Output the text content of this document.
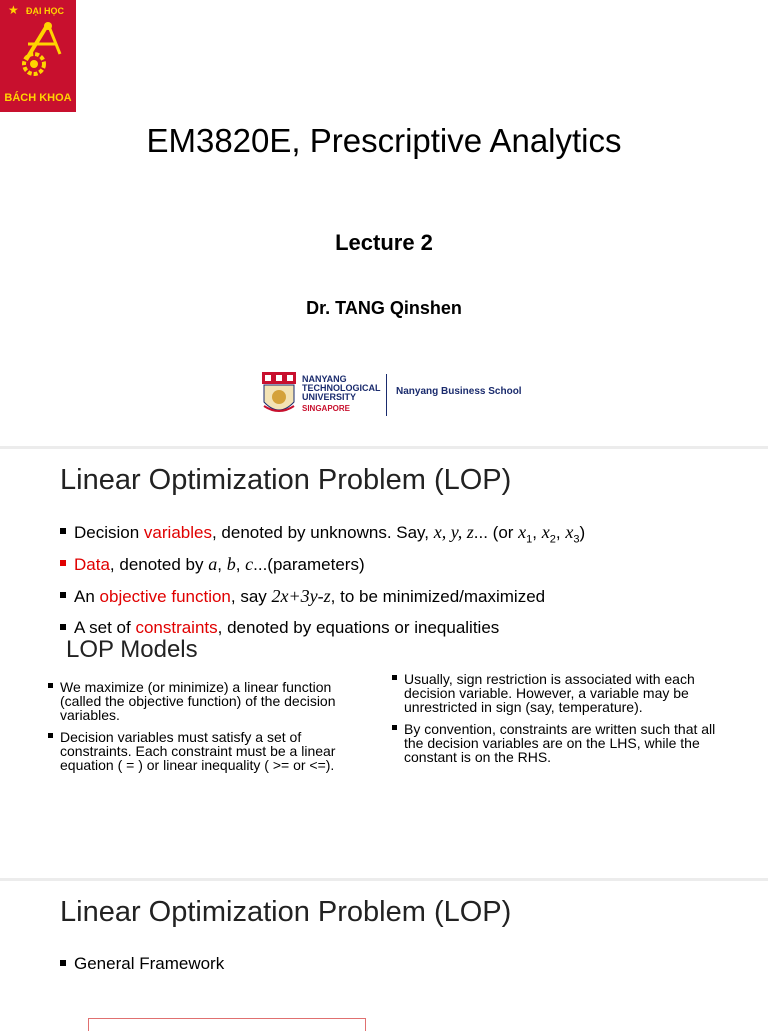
★ ĐẠI HỌC
BÁCH KHOA
EM3820E, Prescriptive Analytics
Lecture 2
Dr. TANG Qinshen
NANYANG
TECHNOLOGICAL
UNIVERSITY
SINGAPORE
Nanyang Business School
Linear Optimization Problem (LOP)
Decision variables, denoted by unknowns. Say, x, y, z... (or $x_1$, $x_2$, $x_3$)
Data, denoted by a, b, c...(parameters)
An objective function, say 2x+3y-z, to be minimized/maximized
A set of constraints, denoted by equations or inequalities
LOP Models

We maximize (or minimize) a linear function (called the objective function) of the decision variables.

Decision variables must satisfy a set of constraints. Each constraint must be a linear equation ( = ) or linear inequality ( >= or <=).

Usually, sign restriction is associated with each decision variable. However, a variable may be unrestricted in sign (say, temperature).

By convention, constraints are written such that all the decision variables are on the LHS, while the constant is on the RHS.

Linear Optimization Problem (LOP)
General Framework
